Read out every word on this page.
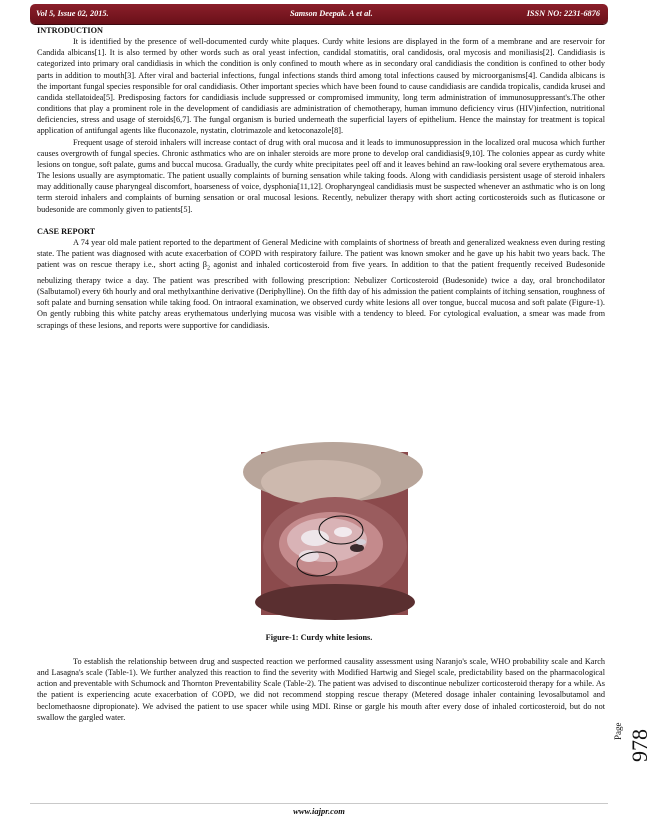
Vol 5, Issue 02, 2015.	Samson Deepak. A et al.	ISSN NO: 2231-6876

INTRODUCTION

It is identified by the presence of well-documented curdy white plaques. Curdy white lesions are displayed in the form of a membrane and are reservoir for Candida albicans[1]. It is also termed by other words such as oral yeast infection, candidal stomatitis, oral candidosis, oral mycosis and moniliasis[2]. Candidiasis is categorized into primary oral candidiasis in which the condition is only confined to mouth where as in secondary oral candidiasis the condition is confined to other body parts in addition to mouth[3]. After viral and bacterial infections, fungal infections stands third among total infections caused by microorganisms[4]. Candida albicans is the important fungal species responsible for oral candidiasis. Other important species which have been found to cause candidiasis are candida tropicalis, candida krusei and candida stellatoidea[5]. Predisposing factors for candidiasis include suppressed or compromised immunity, long term administration of immunosuppressant's.The other conditions that play a prominent role in the development of candidiasis are administration of chemotherapy, human immuno deficiency virus (HIV)infection, nutritional deficiencies, stress and usage of steroids[6,7]. The fungal organism is buried underneath the superficial layers of epithelium. Hence the mainstay for treatment is topical application of antifungal agents like fluconazole, nystatin, clotrimazole and ketoconazole[8].

Frequent usage of steroid inhalers will increase contact of drug with oral mucosa and it leads to immunosuppression in the localized oral mucosa which further causes overgrowth of fungal species. Chronic asthmatics who are on inhaler steroids are more prone to develop oral candidiasis[9,10]. The colonies appear as curdy white lesions on tongue, soft palate, gums and buccal mucosa. Gradually, the curdy white precipitates peel off and it leaves behind an raw-looking oral severe erythematous area. The lesions usually are asymptomatic. The patient usually complaints of burning sensation while taking foods. Along with candidiasis persistent usage of steroid inhalers may additionally cause pharyngeal discomfort, hoarseness of voice, dysphonia[11,12]. Oropharyngeal candidiasis must be suspected whenever an asthmatic who is on long term steroid inhalers and complaints of burning sensation or oral mucosal lesions. Recently, nebulizer therapy with short acting corticosteroids such as fluticasone or budesonide are commonly given to patients[5].

CASE REPORT

A 74 year old male patient reported to the department of General Medicine with complaints of shortness of breath and generalized weakness even during resting state. The patient was diagnosed with acute exacerbation of COPD with respiratory failure. The patient was known smoker and he gave up his habit two years back. The patient was on rescue therapy i.e., short acting $\beta_2$ agonist and inhaled corticosteroid from five years. In addition to that the patient frequently received Budesonide nebulizing therapy twice a day. The patient was prescribed with following prescription: Nebulizer Corticosteroid (Budesonide) twice a day, oral bronchodilator (Salbutamol) every 6th hourly and oral methylxanthine derivative (Deriphylline). On the fifth day of his admission the patient complaints of itching sensation, roughness of soft palate and burning sensation while taking food. On intraoral examination, we observed curdy white lesions all over tongue, buccal mucosa and soft palate (Figure-1). On gently rubbing this white patchy areas erythematous underlying mucosa was visible with a tendency to bleed. For cytological evaluation, a smear was made from scrapings of these lesions, and reports were supportive for candidiasis.

Figure-1: Curdy white lesions.

To establish the relationship between drug and suspected reaction we performed causality assessment using Naranjo's scale, WHO probability scale and Karch and Lasagna's scale (Table-1). We further analyzed this reaction to find the severity with Modified Hartwig and Siegel scale, predictability based on the pharmacological action and preventable with Schumock and Thornton Preventability Scale (Table-2). The patient was advised to discontinue nebulizer corticosteroid therapy for a while. As the patient is experiencing acute exacerbation of COPD, we did not recommend stopping rescue therapy (Metered dosage inhaler containing levosalbutamol and beclomethaosne dipropionate). We advised the patient to use spacer while using MDI. Rinse or gargle his mouth after every dose of inhaled corticosteroid, but do not swallow the gargled water.

Page 978
www.iajpr.com
